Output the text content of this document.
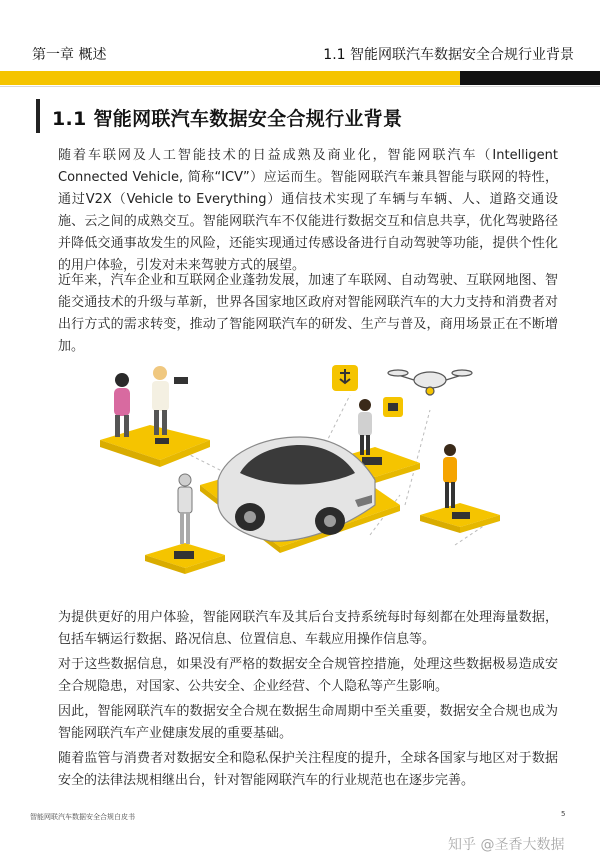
第一章 概述	1.1 智能网联汽车数据安全合规行业背景
1.1 智能网联汽车数据安全合规行业背景
随着车联网及人工智能技术的日益成熟及商业化，智能网联汽车（Intelligent Connected Vehicle, 简称“ICV”）应运而生。智能网联汽车兼具智能与联网的特性，通过V2X（Vehicle to Everything）通信技术实现了车辆与车辆、人、道路交通设施、云之间的成熟交互。智能网联汽车不仅能进行数据交互和信息共享，优化驾驶路径并降低交通事故发生的风险，还能实现通过传感设备进行自动驾驶等功能，提供个性化的用户体验，引发对未来驾驶方式的展望。
近年来，汽车企业和互联网企业蓬勃发展，加速了车联网、自动驾驶、互联网地图、智能交通技术的升级与革新，世界各国家地区政府对智能网联汽车的大力支持和消费者对出行方式的需求转变，推动了智能网联汽车的研发、生产与普及，商用场景正在不断增加。
为提供更好的用户体验，智能网联汽车及其后台支持系统每时每刻都在处理海量数据，包括车辆运行数据、路况信息、位置信息、车载应用操作信息等。
对于这些数据信息，如果没有严格的数据安全合规管控措施，处理这些数据极易造成安全合规隐患，对国家、公共安全、企业经营、个人隐私等产生影响。
因此，智能网联汽车的数据安全合规在数据生命周期中至关重要，数据安全合规也成为智能网联汽车产业健康发展的重要基础。
随着监管与消费者对数据安全和隐私保护关注程度的提升，全球各国家与地区对于数据安全的法律法规相继出台，针对智能网联汽车的行业规范也在逐步完善。
智能网联汽车数据安全合规白皮书	5
知乎 @圣香大数据
